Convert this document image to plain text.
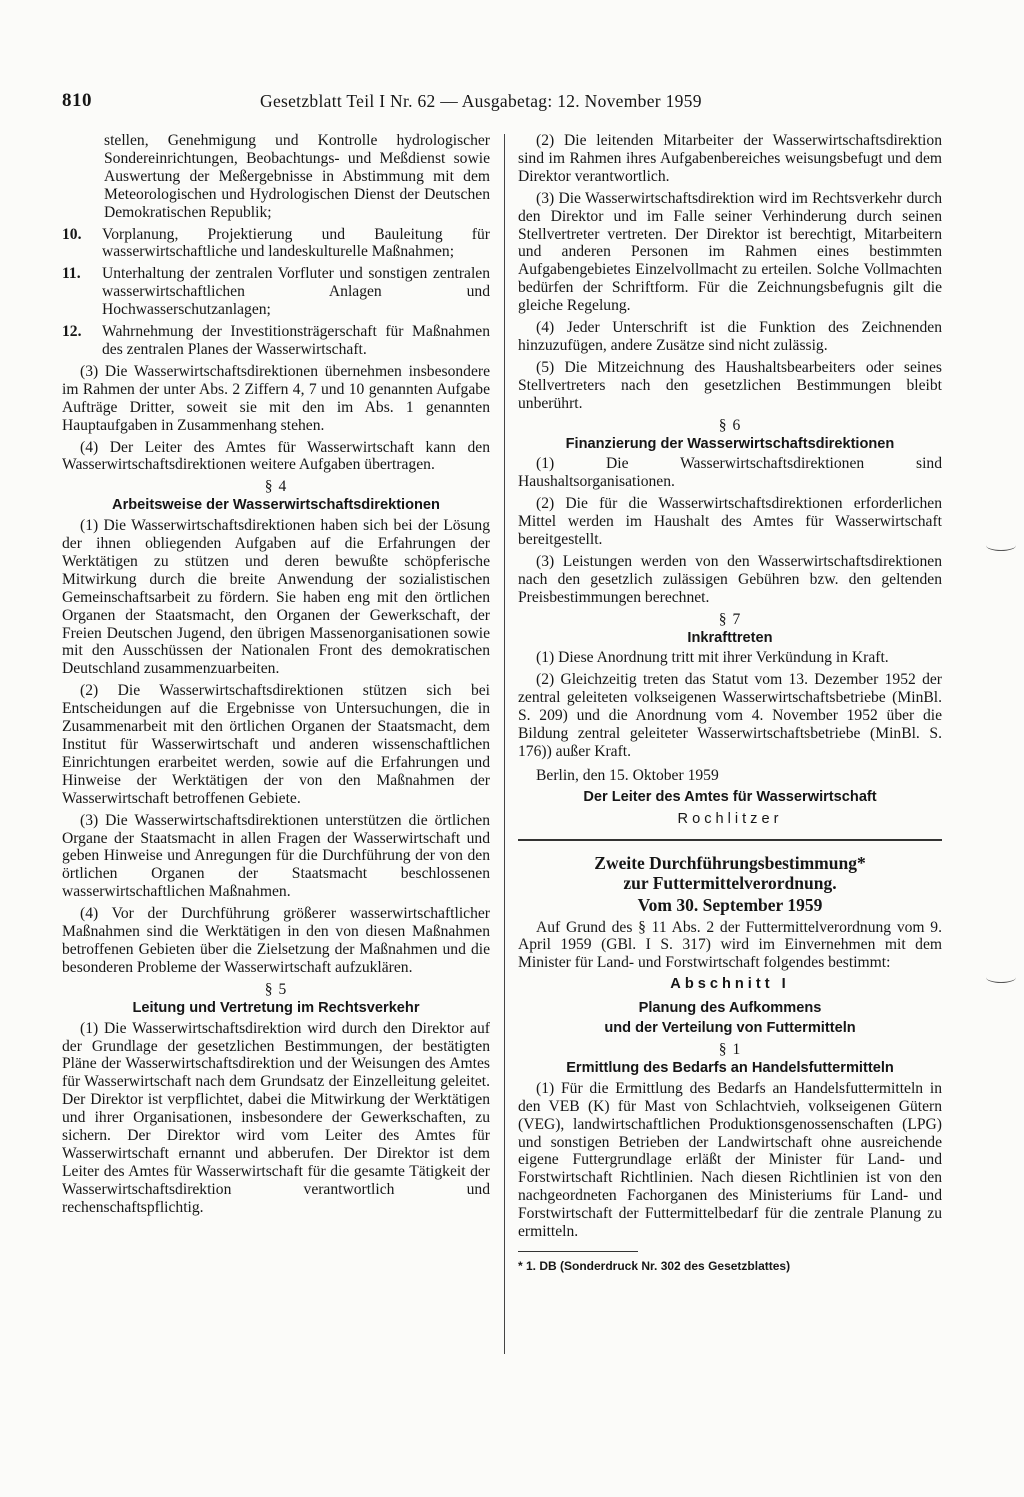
810	Gesetzblatt Teil I Nr. 62 — Ausgabetag: 12. November 1959

stellen, Genehmigung und Kontrolle hydrologischer Sondereinrichtungen, Beobachtungs- und Meßdienst sowie Auswertung der Meßergebnisse in Abstimmung mit dem Meteorologischen und Hydrologischen Dienst der Deutschen Demokratischen Republik;

10.	Vorplanung, Projektierung und Bauleitung für wasserwirtschaftliche und landeskulturelle Maßnahmen;
11.	Unterhaltung der zentralen Vorfluter und sonstigen zentralen wasserwirtschaftlichen Anlagen und Hochwasserschutzanlagen;
12.	Wahrnehmung der Investitionsträgerschaft für Maßnahmen des zentralen Planes der Wasserwirtschaft.

(3) Die Wasserwirtschaftsdirektionen übernehmen insbesondere im Rahmen der unter Abs. 2 Ziffern 4, 7 und 10 genannten Aufgabe Aufträge Dritter, soweit sie mit den im Abs. 1 genannten Hauptaufgaben in Zusammenhang stehen.

(4) Der Leiter des Amtes für Wasserwirtschaft kann den Wasserwirtschaftsdirektionen weitere Aufgaben übertragen.

§ 4
Arbeitsweise der Wasserwirtschaftsdirektionen

(1) Die Wasserwirtschaftsdirektionen haben sich bei der Lösung der ihnen obliegenden Aufgaben auf die Erfahrungen der Werktätigen zu stützen und deren bewußte schöpferische Mitwirkung durch die breite Anwendung der sozialistischen Gemeinschaftsarbeit zu fördern. Sie haben eng mit den örtlichen Organen der Staatsmacht, den Organen der Gewerkschaft, der Freien Deutschen Jugend, den übrigen Massenorganisationen sowie mit den Ausschüssen der Nationalen Front des demokratischen Deutschland zusammenzuarbeiten.

(2) Die Wasserwirtschaftsdirektionen stützen sich bei Entscheidungen auf die Ergebnisse von Untersuchungen, die in Zusammenarbeit mit den örtlichen Organen der Staatsmacht, dem Institut für Wasserwirtschaft und anderen wissenschaftlichen Einrichtungen erarbeitet werden, sowie auf die Erfahrungen und Hinweise der Werktätigen der von den Maßnahmen der Wasserwirtschaft betroffenen Gebiete.

(3) Die Wasserwirtschaftsdirektionen unterstützen die örtlichen Organe der Staatsmacht in allen Fragen der Wasserwirtschaft und geben Hinweise und Anregungen für die Durchführung der von den örtlichen Organen der Staatsmacht beschlossenen wasserwirtschaftlichen Maßnahmen.

(4) Vor der Durchführung größerer wasserwirtschaftlicher Maßnahmen sind die Werktätigen in den von diesen Maßnahmen betroffenen Gebieten über die Zielsetzung der Maßnahmen und die besonderen Probleme der Wasserwirtschaft aufzuklären.

§ 5
Leitung und Vertretung im Rechtsverkehr

(1) Die Wasserwirtschaftsdirektion wird durch den Direktor auf der Grundlage der gesetzlichen Bestimmungen, der bestätigten Pläne der Wasserwirtschaftsdirektion und der Weisungen des Amtes für Wasserwirtschaft nach dem Grundsatz der Einzelleitung geleitet. Der Direktor ist verpflichtet, dabei die Mitwirkung der Werktätigen und ihrer Organisationen, insbesondere der Gewerkschaften, zu sichern. Der Direktor wird vom Leiter des Amtes für Wasserwirtschaft ernannt und abberufen. Der Direktor ist dem Leiter des Amtes für Wasserwirtschaft für die gesamte Tätigkeit der Wasserwirtschaftsdirektion verantwortlich und rechenschaftspflichtig.

(2) Die leitenden Mitarbeiter der Wasserwirtschaftsdirektion sind im Rahmen ihres Aufgabenbereiches weisungsbefugt und dem Direktor verantwortlich.

(3) Die Wasserwirtschaftsdirektion wird im Rechtsverkehr durch den Direktor und im Falle seiner Verhinderung durch seinen Stellvertreter vertreten. Der Direktor ist berechtigt, Mitarbeitern und anderen Personen im Rahmen eines bestimmten Aufgabengebietes Einzelvollmacht zu erteilen. Solche Vollmachten bedürfen der Schriftform. Für die Zeichnungsbefugnis gilt die gleiche Regelung.

(4) Jeder Unterschrift ist die Funktion des Zeichnenden hinzuzufügen, andere Zusätze sind nicht zulässig.

(5) Die Mitzeichnung des Haushaltsbearbeiters oder seines Stellvertreters nach den gesetzlichen Bestimmungen bleibt unberührt.

§ 6
Finanzierung der Wasserwirtschaftsdirektionen

(1) Die Wasserwirtschaftsdirektionen sind Haushaltsorganisationen.

(2) Die für die Wasserwirtschaftsdirektionen erforderlichen Mittel werden im Haushalt des Amtes für Wasserwirtschaft bereitgestellt.

(3) Leistungen werden von den Wasserwirtschaftsdirektionen nach den gesetzlich zulässigen Gebühren bzw. den geltenden Preisbestimmungen berechnet.

§ 7
Inkrafttreten

(1) Diese Anordnung tritt mit ihrer Verkündung in Kraft.

(2) Gleichzeitig treten das Statut vom 13. Dezember 1952 der zentral geleiteten volkseigenen Wasserwirtschaftsbetriebe (MinBl. S. 209) und die Anordnung vom 4. November 1952 über die Bildung zentral geleiteter Wasserwirtschaftsbetriebe (MinBl. S. 176)) außer Kraft.

Berlin, den 15. Oktober 1959

Der Leiter des Amtes für Wasserwirtschaft
Rochlitzer
Zweite Durchführungsbestimmung*
zur Futtermittelverordnung.
Vom 30. September 1959

Auf Grund des § 11 Abs. 2 der Futtermittelverordnung vom 9. April 1959 (GBl. I S. 317) wird im Einvernehmen mit dem Minister für Land- und Forstwirtschaft folgendes bestimmt:

Abschnitt I
Planung des Aufkommens
und der Verteilung von Futtermitteln
§ 1
Ermittlung des Bedarfs an Handelsfuttermitteln

(1) Für die Ermittlung des Bedarfs an Handelsfuttermitteln in den VEB (K) für Mast von Schlachtvieh, volkseigenen Gütern (VEG), landwirtschaftlichen Produktionsgenossenschaften (LPG) und sonstigen Betrieben der Landwirtschaft ohne ausreichende eigene Futtergrundlage erläßt der Minister für Land- und Forstwirtschaft Richtlinien. Nach diesen Richtlinien ist von den nachgeordneten Fachorganen des Ministeriums für Land- und Forstwirtschaft der Futtermittelbedarf für die zentrale Planung zu ermitteln.

* 1. DB (Sonderdruck Nr. 302 des Gesetzblattes)
